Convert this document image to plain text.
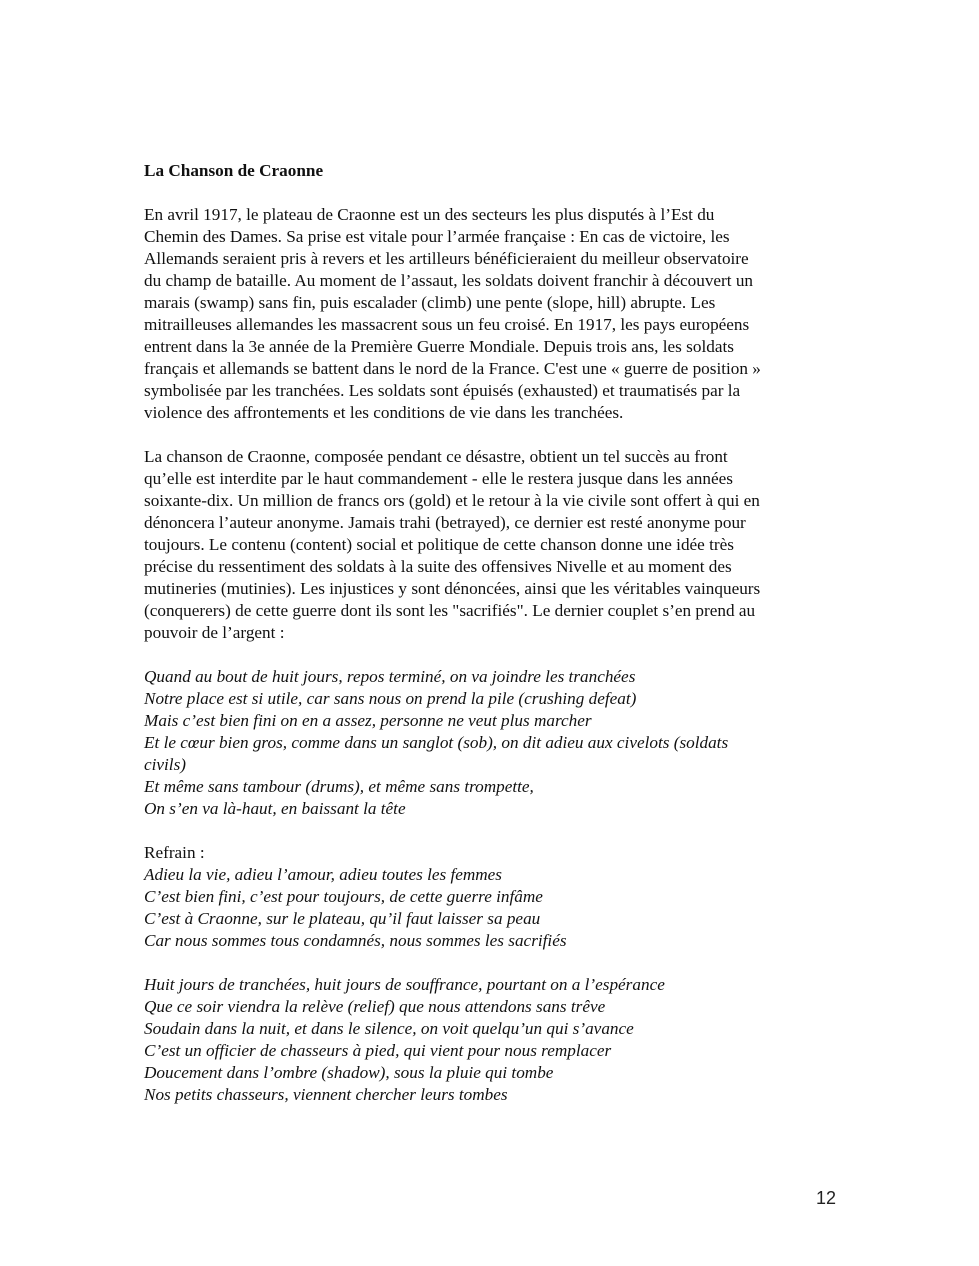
La Chanson de Craonne
En avril 1917, le plateau de Craonne est un des secteurs les plus disputés à l’Est du
Chemin des Dames. Sa prise est vitale pour l’armée française : En cas de victoire, les
Allemands seraient pris à revers et les artilleurs bénéficieraient du meilleur observatoire
du champ de bataille. Au moment de l’assaut, les soldats doivent franchir à découvert un
marais (swamp) sans fin, puis escalader (climb) une pente (slope, hill) abrupte. Les
mitrailleuses allemandes les massacrent sous un feu croisé. En 1917, les pays européens
entrent dans la 3e année de la Première Guerre Mondiale. Depuis trois ans, les soldats
français et allemands se battent dans le nord de la France. C'est une « guerre de position »
symbolisée par les tranchées. Les soldats sont épuisés (exhausted) et traumatisés par la
violence des affrontements et les conditions de vie dans les tranchées.
La chanson de Craonne, composée pendant ce désastre, obtient un tel succès au front
qu’elle est interdite par le haut commandement - elle le restera jusque dans les années
soixante-dix. Un million de francs ors (gold) et le retour à la vie civile sont offert à qui en
dénoncera l’auteur anonyme. Jamais trahi (betrayed), ce dernier est resté anonyme pour
toujours. Le contenu (content) social et politique de cette chanson donne une idée très
précise du ressentiment des soldats à la suite des offensives Nivelle et au moment des
mutineries (mutinies). Les injustices y sont dénoncées, ainsi que les véritables vainqueurs
(conquerers) de cette guerre dont ils sont les "sacrifiés". Le dernier couplet s’en prend au
pouvoir de l’argent :
Quand au bout de huit jours, repos terminé, on va joindre les tranchées
Notre place est si utile, car sans nous on prend la pile (crushing defeat)
Mais c’est bien fini on en a assez, personne ne veut plus marcher
Et le cœur bien gros, comme dans un sanglot (sob), on dit adieu aux civelots (soldats
civils)
Et même sans tambour (drums), et même sans trompette,
On s’en va là-haut, en baissant la tête
Refrain :
Adieu la vie, adieu l’amour, adieu toutes les femmes
C’est bien fini, c’est pour toujours, de cette guerre infâme
C’est à Craonne, sur le plateau, qu’il faut laisser sa peau
Car nous sommes tous condamnés, nous sommes les sacrifiés
Huit jours de tranchées, huit jours de souffrance, pourtant on a l’espérance
Que ce soir viendra la relève (relief) que nous attendons sans trêve
Soudain dans la nuit, et dans le silence, on voit quelqu’un qui s’avance
C’est un officier de chasseurs à pied, qui vient pour nous remplacer
Doucement dans l’ombre (shadow), sous la pluie qui tombe
Nos petits chasseurs, viennent chercher leurs tombes
12
